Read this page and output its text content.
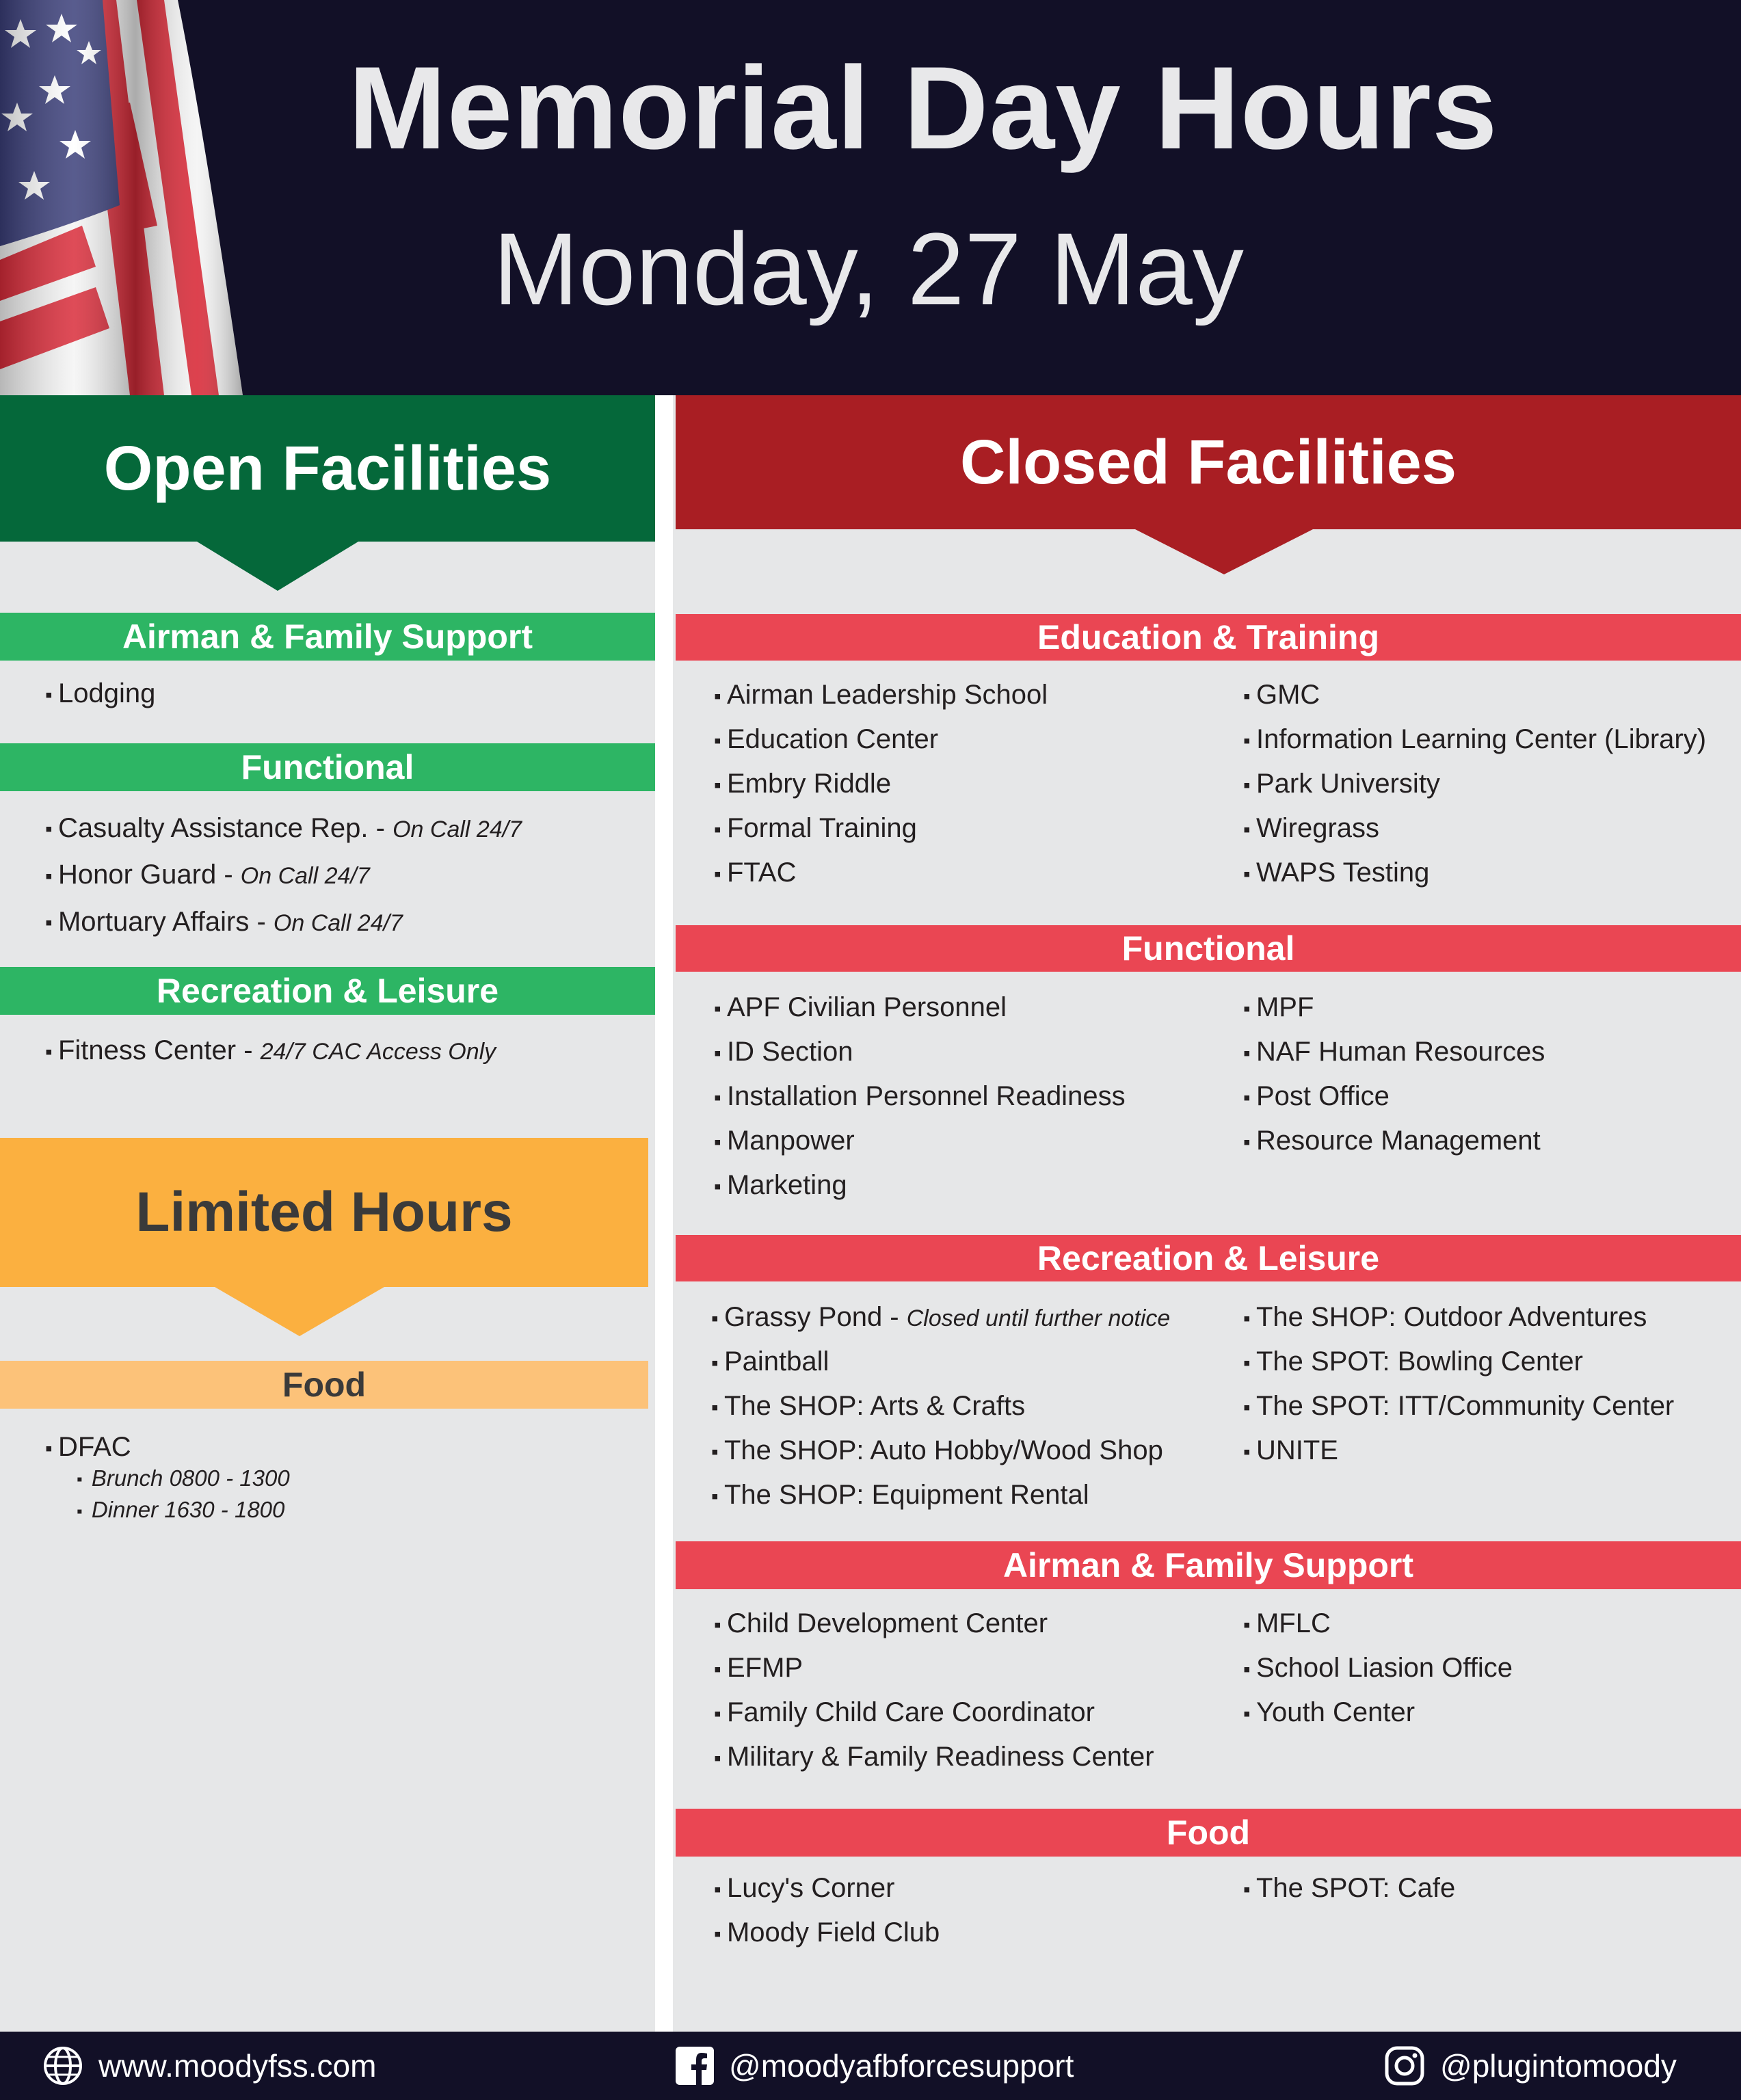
Memorial Day Hours
Monday, 27 May
Open Facilities
Airman & Family Support
▪ Lodging
Functional
▪ Casualty Assistance Rep. - On Call 24/7
▪ Honor Guard - On Call 24/7
▪ Mortuary Affairs - On Call 24/7
Recreation & Leisure
▪ Fitness Center - 24/7 CAC Access Only
Limited Hours
Food
▪ DFAC
▪  Brunch 0800 - 1300
▪  Dinner 1630 - 1800
Closed Facilities
Education & Training
▪ Airman Leadership School
▪ Education Center
▪ Embry Riddle
▪ Formal Training
▪ FTAC
▪ GMC
▪ Information Learning Center (Library)
▪ Park University
▪ Wiregrass
▪ WAPS Testing
Functional
▪ APF Civilian Personnel
▪ ID Section
▪ Installation Personnel Readiness
▪ Manpower
▪ Marketing
▪ MPF
▪ NAF Human Resources
▪ Post Office
▪ Resource Management
Recreation & Leisure
▪ Grassy Pond - Closed until further notice
▪ Paintball
▪ The SHOP: Arts & Crafts
▪ The SHOP: Auto Hobby/Wood Shop
▪ The SHOP: Equipment Rental
▪ The SHOP: Outdoor Adventures
▪ The SPOT: Bowling Center
▪ The SPOT: ITT/Community Center
▪ UNITE
Airman & Family Support
▪ Child Development Center
▪ EFMP
▪ Family Child Care Coordinator
▪ Military & Family Readiness Center
▪ MFLC
▪ School Liasion Office
▪ Youth Center
Food
▪ Lucy's Corner
▪ Moody Field Club
▪ The SPOT: Cafe
www.moodyfss.com	@moodyafbforcesupport	@plugintomoody
